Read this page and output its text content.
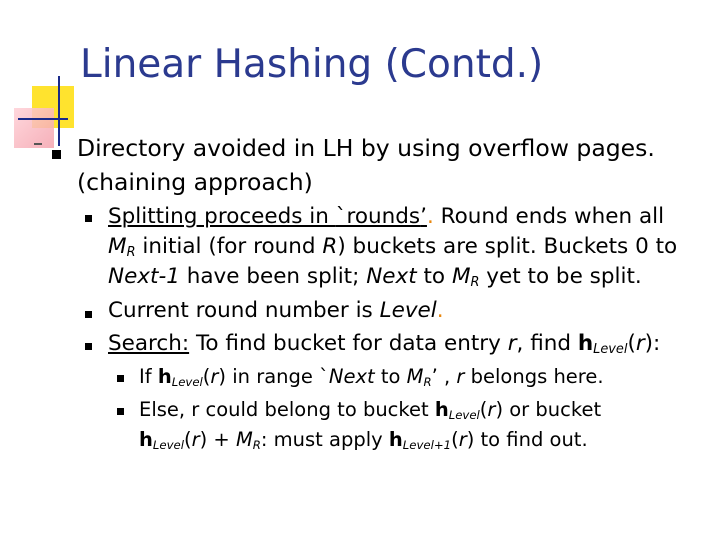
Linear Hashing (Contd.)
Directory avoided in LH by using overflow pages.
(chaining approach)
Splitting proceeds in `rounds’. Round ends when all
$M_R$ initial (for round R) buckets are split. Buckets 0 to
Next-1 have been split; Next to $M_R$ yet to be split.
Current round number is Level.
Search: To find bucket for data entry r, find $h_{Level}(r)$:
If $h_{Level}(r)$ in range `Next to $M_R$’ , r belongs here.
Else, r could belong to bucket $h_{Level}(r)$ or bucket
$h_{Level}(r) + M_R$: must apply $h_{Level+1}(r)$ to find out.
